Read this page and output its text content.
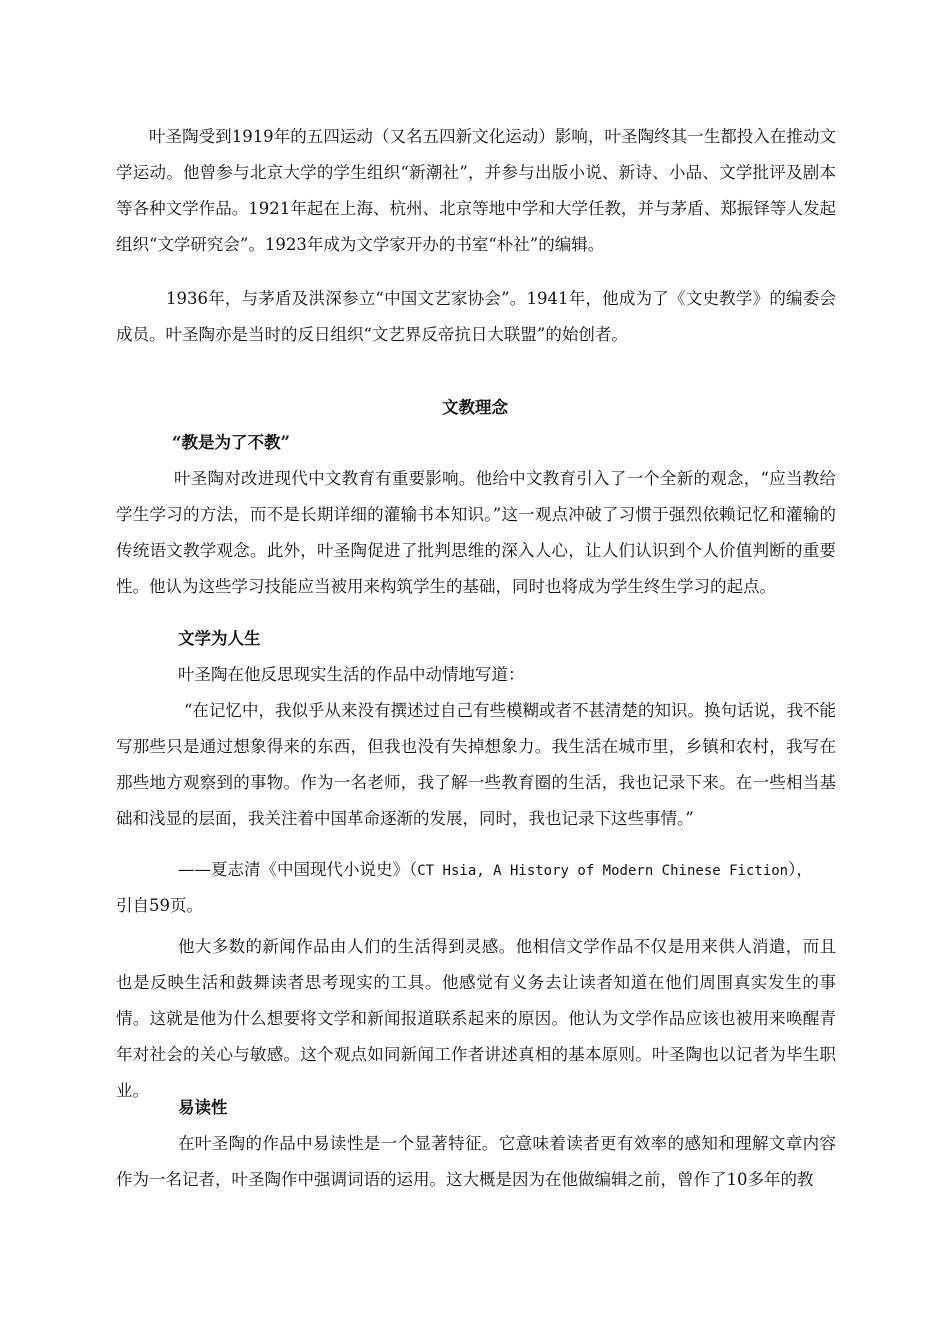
叶圣陶受到1919年的五四运动（又名五四新文化运动）影响，叶圣陶终其一生都投入在推动文学运动。他曾参与北京大学的学生组织“新潮社”，并参与出版小说、新诗、小品、文学批评及剧本等各种文学作品。1921年起在上海、杭州、北京等地中学和大学任教，并与茅盾、郑振铎等人发起组织“文学研究会”。1923年成为文学家开办的书室“朴社”的编辑。

1936年，与茅盾及洪深参立“中国文艺家协会”。1941年，他成为了《文史教学》的编委会成员。叶圣陶亦是当时的反日组织“文艺界反帝抗日大联盟”的始创者。

文教理念
“教是为了不教”

叶圣陶对改进现代中文教育有重要影响。他给中文教育引入了一个全新的观念，“应当教给学生学习的方法，而不是长期详细的灌输书本知识。”这一观点冲破了习惯于强烈依赖记忆和灌输的传统语文教学观念。此外，叶圣陶促进了批判思维的深入人心，让人们认识到个人价值判断的重要性。他认为这些学习技能应当被用来构筑学生的基础，同时也将成为学生终生学习的起点。

文学为人生

叶圣陶在他反思现实生活的作品中动情地写道：

“在记忆中，我似乎从来没有撰述过自己有些模糊或者不甚清楚的知识。换句话说，我不能写那些只是通过想象得来的东西，但我也没有失掉想象力。我生活在城市里，乡镇和农村，我写在那些地方观察到的事物。作为一名老师，我了解一些教育圈的生活，我也记录下来。在一些相当基础和浅显的层面，我关注着中国革命逐渐的发展，同时，我也记录下这些事情。”

——夏志清《中国现代小说史》（CT Hsia, A History of Modern Chinese Fiction），

引自59页。

他大多数的新闻作品由人们的生活得到灵感。他相信文学作品不仅是用来供人消遣，而且也是反映生活和鼓舞读者思考现实的工具。他感觉有义务去让读者知道在他们周围真实发生的事情。这就是他为什么想要将文学和新闻报道联系起来的原因。他认为文学作品应该也被用来唤醒青年对社会的关心与敏感。这个观点如同新闻工作者讲述真相的基本原则。叶圣陶也以记者为毕生职业。

易读性

在叶圣陶的作品中易读性是一个显著特征。它意味着读者更有效率的感知和理解文章内容作为一名记者，叶圣陶作中强调词语的运用。这大概是因为在他做编辑之前，曾作了10多年的教
